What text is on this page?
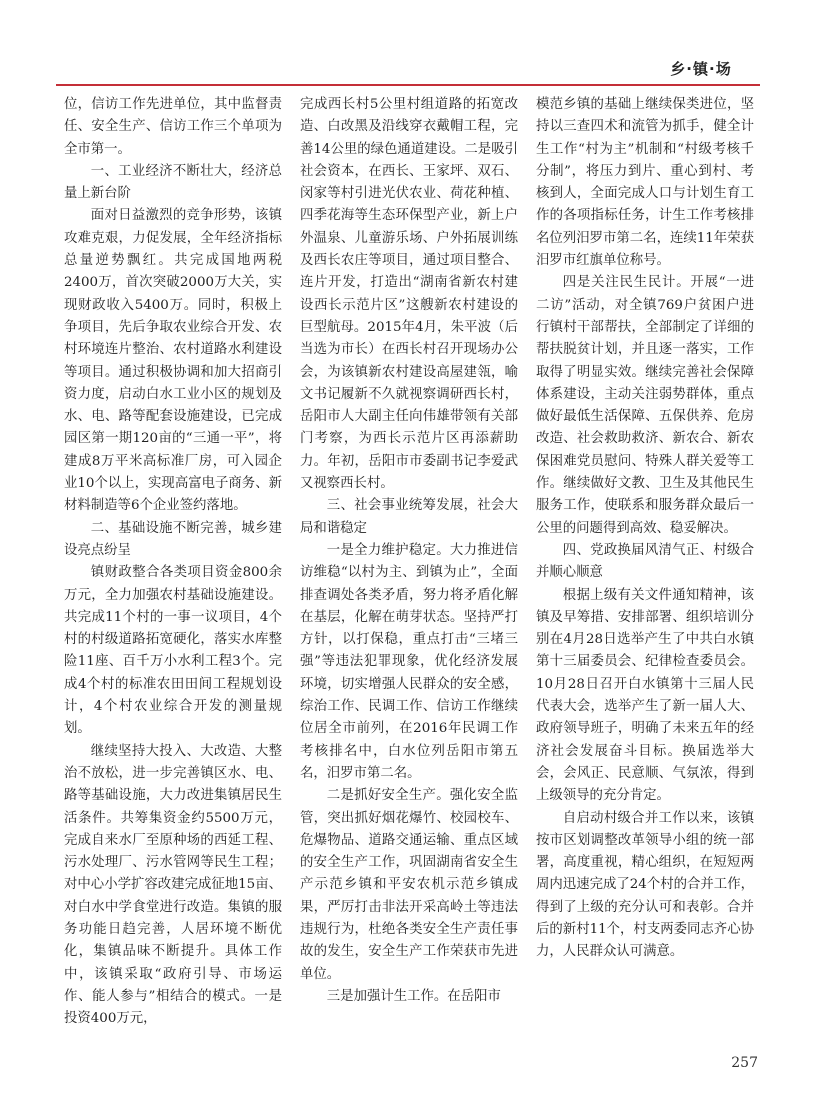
乡·镇·场

位，信访工作先进单位，其中监督责任、安全生产、信访工作三个单项为全市第一。

一、工业经济不断壮大，经济总量上新台阶

面对日益激烈的竞争形势，该镇攻难克艰，力促发展，全年经济指标总量逆势飘红。共完成国地两税2400万，首次突破2000万大关，实现财政收入5400万。同时，积极上争项目，先后争取农业综合开发、农村环境连片整治、农村道路水利建设等项目。通过积极协调和加大招商引资力度，启动白水工业小区的规划及水、电、路等配套设施建设，已完成园区第一期120亩的“三通一平”，将建成8万平米高标准厂房，可入园企业10个以上，实现高富电子商务、新材料制造等6个企业签约落地。

二、基础设施不断完善，城乡建设亮点纷呈

镇财政整合各类项目资金800余万元，全力加强农村基础设施建设。共完成11个村的一事一议项目，4个村的村级道路拓宽硬化，落实水库整险11座、百千万小水利工程3个。完成4个村的标准农田田间工程规划设计，4个村农业综合开发的测量规划。

继续坚持大投入、大改造、大整治不放松，进一步完善镇区水、电、路等基础设施，大力改进集镇居民生活条件。共筹集资金约5500万元，完成自来水厂至原种场的西延工程、污水处理厂、污水管网等民生工程；对中心小学扩容改建完成征地15亩、对白水中学食堂进行改造。集镇的服务功能日趋完善，人居环境不断优化，集镇品味不断提升。具体工作中，该镇采取“政府引导、市场运作、能人参与”相结合的模式。一是投资400万元，

完成西长村5公里村组道路的拓宽改造、白改黑及沿线穿衣戴帽工程，完善14公里的绿色通道建设。二是吸引社会资本，在西长、王家坪、双石、闵家等村引进光伏农业、荷花种植、四季花海等生态环保型产业，新上户外温泉、儿童游乐场、户外拓展训练及西长农庄等项目，通过项目整合、连片开发，打造出“湖南省新农村建设西长示范片区”这艘新农村建设的巨型航母。2015年4月，朱平波（后当选为市长）在西长村召开现场办公会，为该镇新农村建设高屋建瓴，喻文书记履新不久就视察调研西长村，岳阳市人大副主任向伟雄带领有关部门考察，为西长示范片区再添薪助力。年初，岳阳市市委副书记李爱武又视察西长村。

三、社会事业统筹发展，社会大局和谐稳定

一是全力维护稳定。大力推进信访维稳“以村为主、到镇为止”，全面排查调处各类矛盾，努力将矛盾化解在基层，化解在萌芽状态。坚持严打方针，以打保稳，重点打击“三堵三强”等违法犯罪现象，优化经济发展环境，切实增强人民群众的安全感，综治工作、民调工作、信访工作继续位居全市前列，在2016年民调工作考核排名中，白水位列岳阳市第五名，汨罗市第二名。

二是抓好安全生产。强化安全监管，突出抓好烟花爆竹、校园校车、危爆物品、道路交通运输、重点区域的安全生产工作，巩固湖南省安全生产示范乡镇和平安农机示范乡镇成果，严厉打击非法开采高岭土等违法违规行为，杜绝各类安全生产责任事故的发生，安全生产工作荣获市先进单位。

三是加强计生工作。在岳阳市

模范乡镇的基础上继续保类进位，坚持以三查四术和流管为抓手，健全计生工作“村为主”机制和“村级考核千分制”，将压力到片、重心到村、考核到人，全面完成人口与计划生育工作的各项指标任务，计生工作考核排名位列汨罗市第二名，连续11年荣获汨罗市红旗单位称号。

四是关注民生民计。开展“一进二访”活动，对全镇769户贫困户进行镇村干部帮扶，全部制定了详细的帮扶脱贫计划，并且逐一落实，工作取得了明显实效。继续完善社会保障体系建设，主动关注弱势群体，重点做好最低生活保障、五保供养、危房改造、社会救助救济、新农合、新农保困难党员慰问、特殊人群关爱等工作。继续做好文教、卫生及其他民生服务工作，使联系和服务群众最后一公里的问题得到高效、稳妥解决。

四、党政换届风清气正、村级合并顺心顺意

根据上级有关文件通知精神，该镇及早筹措、安排部署、组织培训分别在4月28日选举产生了中共白水镇第十三届委员会、纪律检查委员会。10月28日召开白水镇第十三届人民代表大会，选举产生了新一届人大、政府领导班子，明确了未来五年的经济社会发展奋斗目标。换届选举大会，会风正、民意顺、气氛浓，得到上级领导的充分肯定。

自启动村级合并工作以来，该镇按市区划调整改革领导小组的统一部署，高度重视，精心组织，在短短两周内迅速完成了24个村的合并工作，得到了上级的充分认可和表彰。合并后的新村11个，村支两委同志齐心协力，人民群众认可满意。

257
